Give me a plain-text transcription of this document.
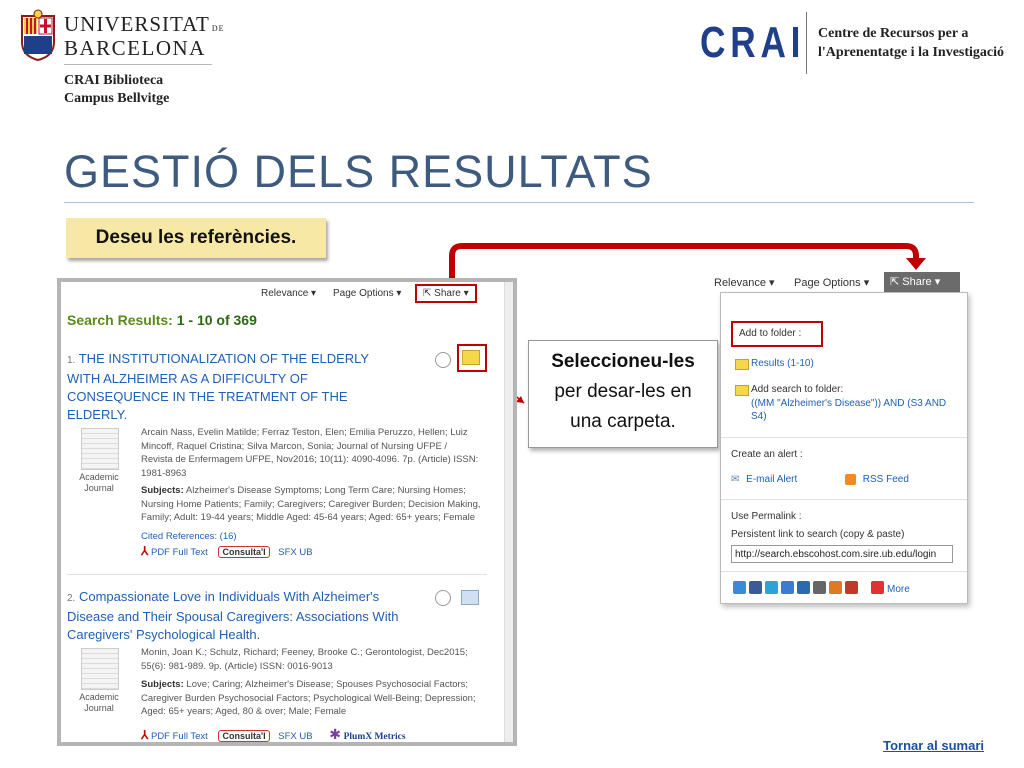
UNIVERSITAT DE
BARCELONA
CRAI Biblioteca
Campus Bellvitge
CRAI Centre de Recursos per a
l'Aprenentatge i la Investigació
GESTIÓ DELS RESULTATS
Deseu les referències.
Seleccioneu-les
per desar-les en
una carpeta.
Relevance ▾ Page Options ▾	⇱ Share ▾
Search Results: 1 - 10 of 369
1. THE INSTITUTIONALIZATION OF THE ELDERLY WITH ALZHEIMER AS A DIFFICULTY OF CONSEQUENCE IN THE TREATMENT OF THE ELDERLY.
Academic Journal
Arcain Nass, Evelin Matilde; Ferraz Teston, Elen; Emilia Peruzzo, Hellen; Luiz Mincoff, Raquel Cristina; Silva Marcon, Sonia; Journal of Nursing UFPE / Revista de Enfermagem UFPE, Nov2016; 10(11): 4090-4096. 7p. (Article) ISSN: 1981-8963
Subjects: Alzheimer's Disease Symptoms; Long Term Care; Nursing Homes; Nursing Home Patients; Family; Caregivers; Caregiver Burden; Decision Making, Family; Adult: 19-44 years; Middle Aged: 45-64 years; Aged: 65+ years; Female
Cited References: (16)
⅄ PDF Full Text Consulta'l SFX UB
2. Compassionate Love in Individuals With Alzheimer's Disease and Their Spousal Caregivers: Associations With Caregivers' Psychological Health.
Academic Journal
Monin, Joan K.; Schulz, Richard; Feeney, Brooke C.; Gerontologist, Dec2015; 55(6): 981-989. 9p. (Article) ISSN: 0016-9013
Subjects: Love; Caring; Alzheimer's Disease; Spouses Psychosocial Factors; Caregiver Burden Psychosocial Factors; Psychological Well-Being; Depression; Aged: 65+ years; Aged, 80 & over; Male; Female
⅄ PDF Full Text Consulta'l SFX UB ✱ PlumX Metrics
Relevance ▾ Page Options ▾	⇱ Share ▾
Add to folder :
Results (1-10)
Add search to folder:
((MM "Alzheimer's Disease")) AND (S3 AND S4)
Create an alert :
✉ E-mail Alert	RSS Feed
Use Permalink :
Persistent link to search (copy & paste)
http://search.ebscohost.com.sire.ub.edu/login
More
Tornar al sumari
